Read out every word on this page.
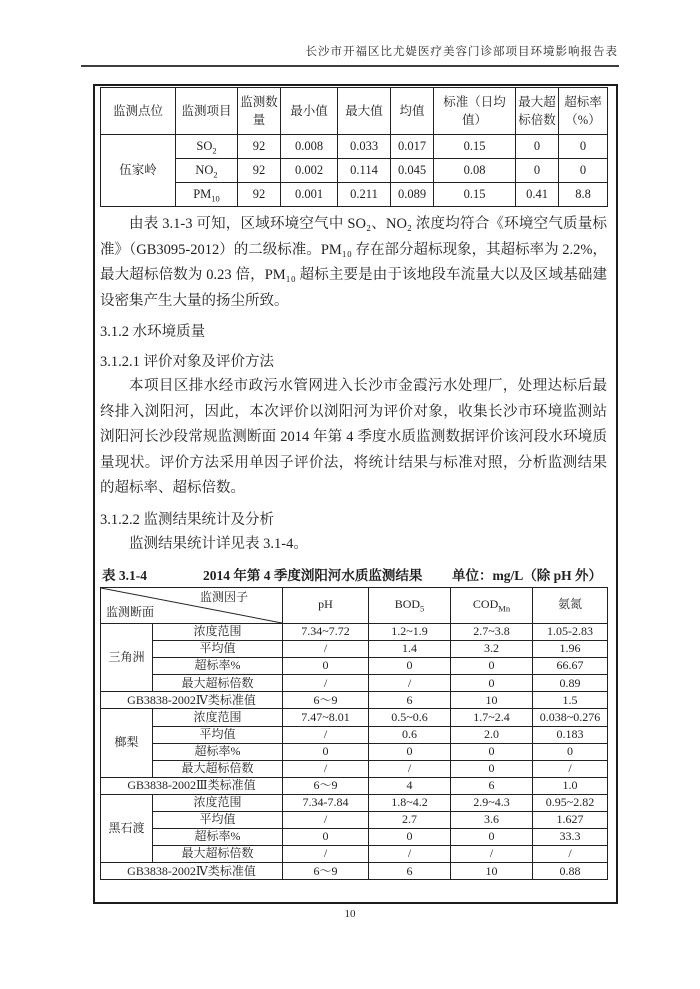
长沙市开福区比尤媞医疗美容门诊部项目环境影响报告表
监测点位	监测项目	监测数量	最小值	最大值	均值	标准（日均值）	最大超标倍数	超标率（%）
伍家岭	$SO_2$	92	0.008	0.033	0.017	0.15	0	0
	$NO_2$	92	0.002	0.114	0.045	0.08	0	0
	$PM_{10}$	92	0.001	0.211	0.089	0.15	0.41	8.8
由表 3.1-3 可知，区域环境空气中 SO₂、NO₂ 浓度均符合《环境空气质量标准》（GB3095-2012）的二级标准。PM₁₀ 存在部分超标现象，其超标率为 2.2%，最大超标倍数为 0.23 倍，PM₁₀ 超标主要是由于该地段车流量大以及区域基础建设密集产生大量的扬尘所致。
3.1.2 水环境质量
3.1.2.1 评价对象及评价方法
本项目区排水经市政污水管网进入长沙市金霞污水处理厂，处理达标后最终排入浏阳河，因此，本次评价以浏阳河为评价对象，收集长沙市环境监测站浏阳河长沙段常规监测断面 2014 年第 4 季度水质监测数据评价该河段水环境质量现状。评价方法采用单因子评价法，将统计结果与标准对照，分析监测结果的超标率、超标倍数。
3.1.2.2 监测结果统计及分析
监测结果统计详见表 3.1-4。
表 3.1-4	2014 年第 4 季度浏阳河水质监测结果 单位：mg/L（除 pH 外）
监测因子
监测断面		pH	$BOD_5$	$COD_{Mn}$	氨氮
三角洲	浓度范围	7.34~7.72	1.2~1.9	2.7~3.8	1.05-2.83
	平均值	/	1.4	3.2	1.96
	超标率%	0	0	0	66.67
	最大超标倍数	/	/	0	0.89
GB3838-2002Ⅳ类标准值		6～9	6	10	1.5
榔梨	浓度范围	7.47~8.01	0.5~0.6	1.7~2.4	0.038~0.276
	平均值	/	0.6	2.0	0.183
	超标率%	0	0	0	0
	最大超标倍数	/	/	0	/
GB3838-2002Ⅲ类标准值		6～9	4	6	1.0
黑石渡	浓度范围	7.34-7.84	1.8~4.2	2.9~4.3	0.95~2.82
	平均值	/	2.7	3.6	1.627
	超标率%	0	0	0	33.3
	最大超标倍数	/	/	/	/
GB3838-2002Ⅳ类标准值		6～9	6	10	0.88
10
